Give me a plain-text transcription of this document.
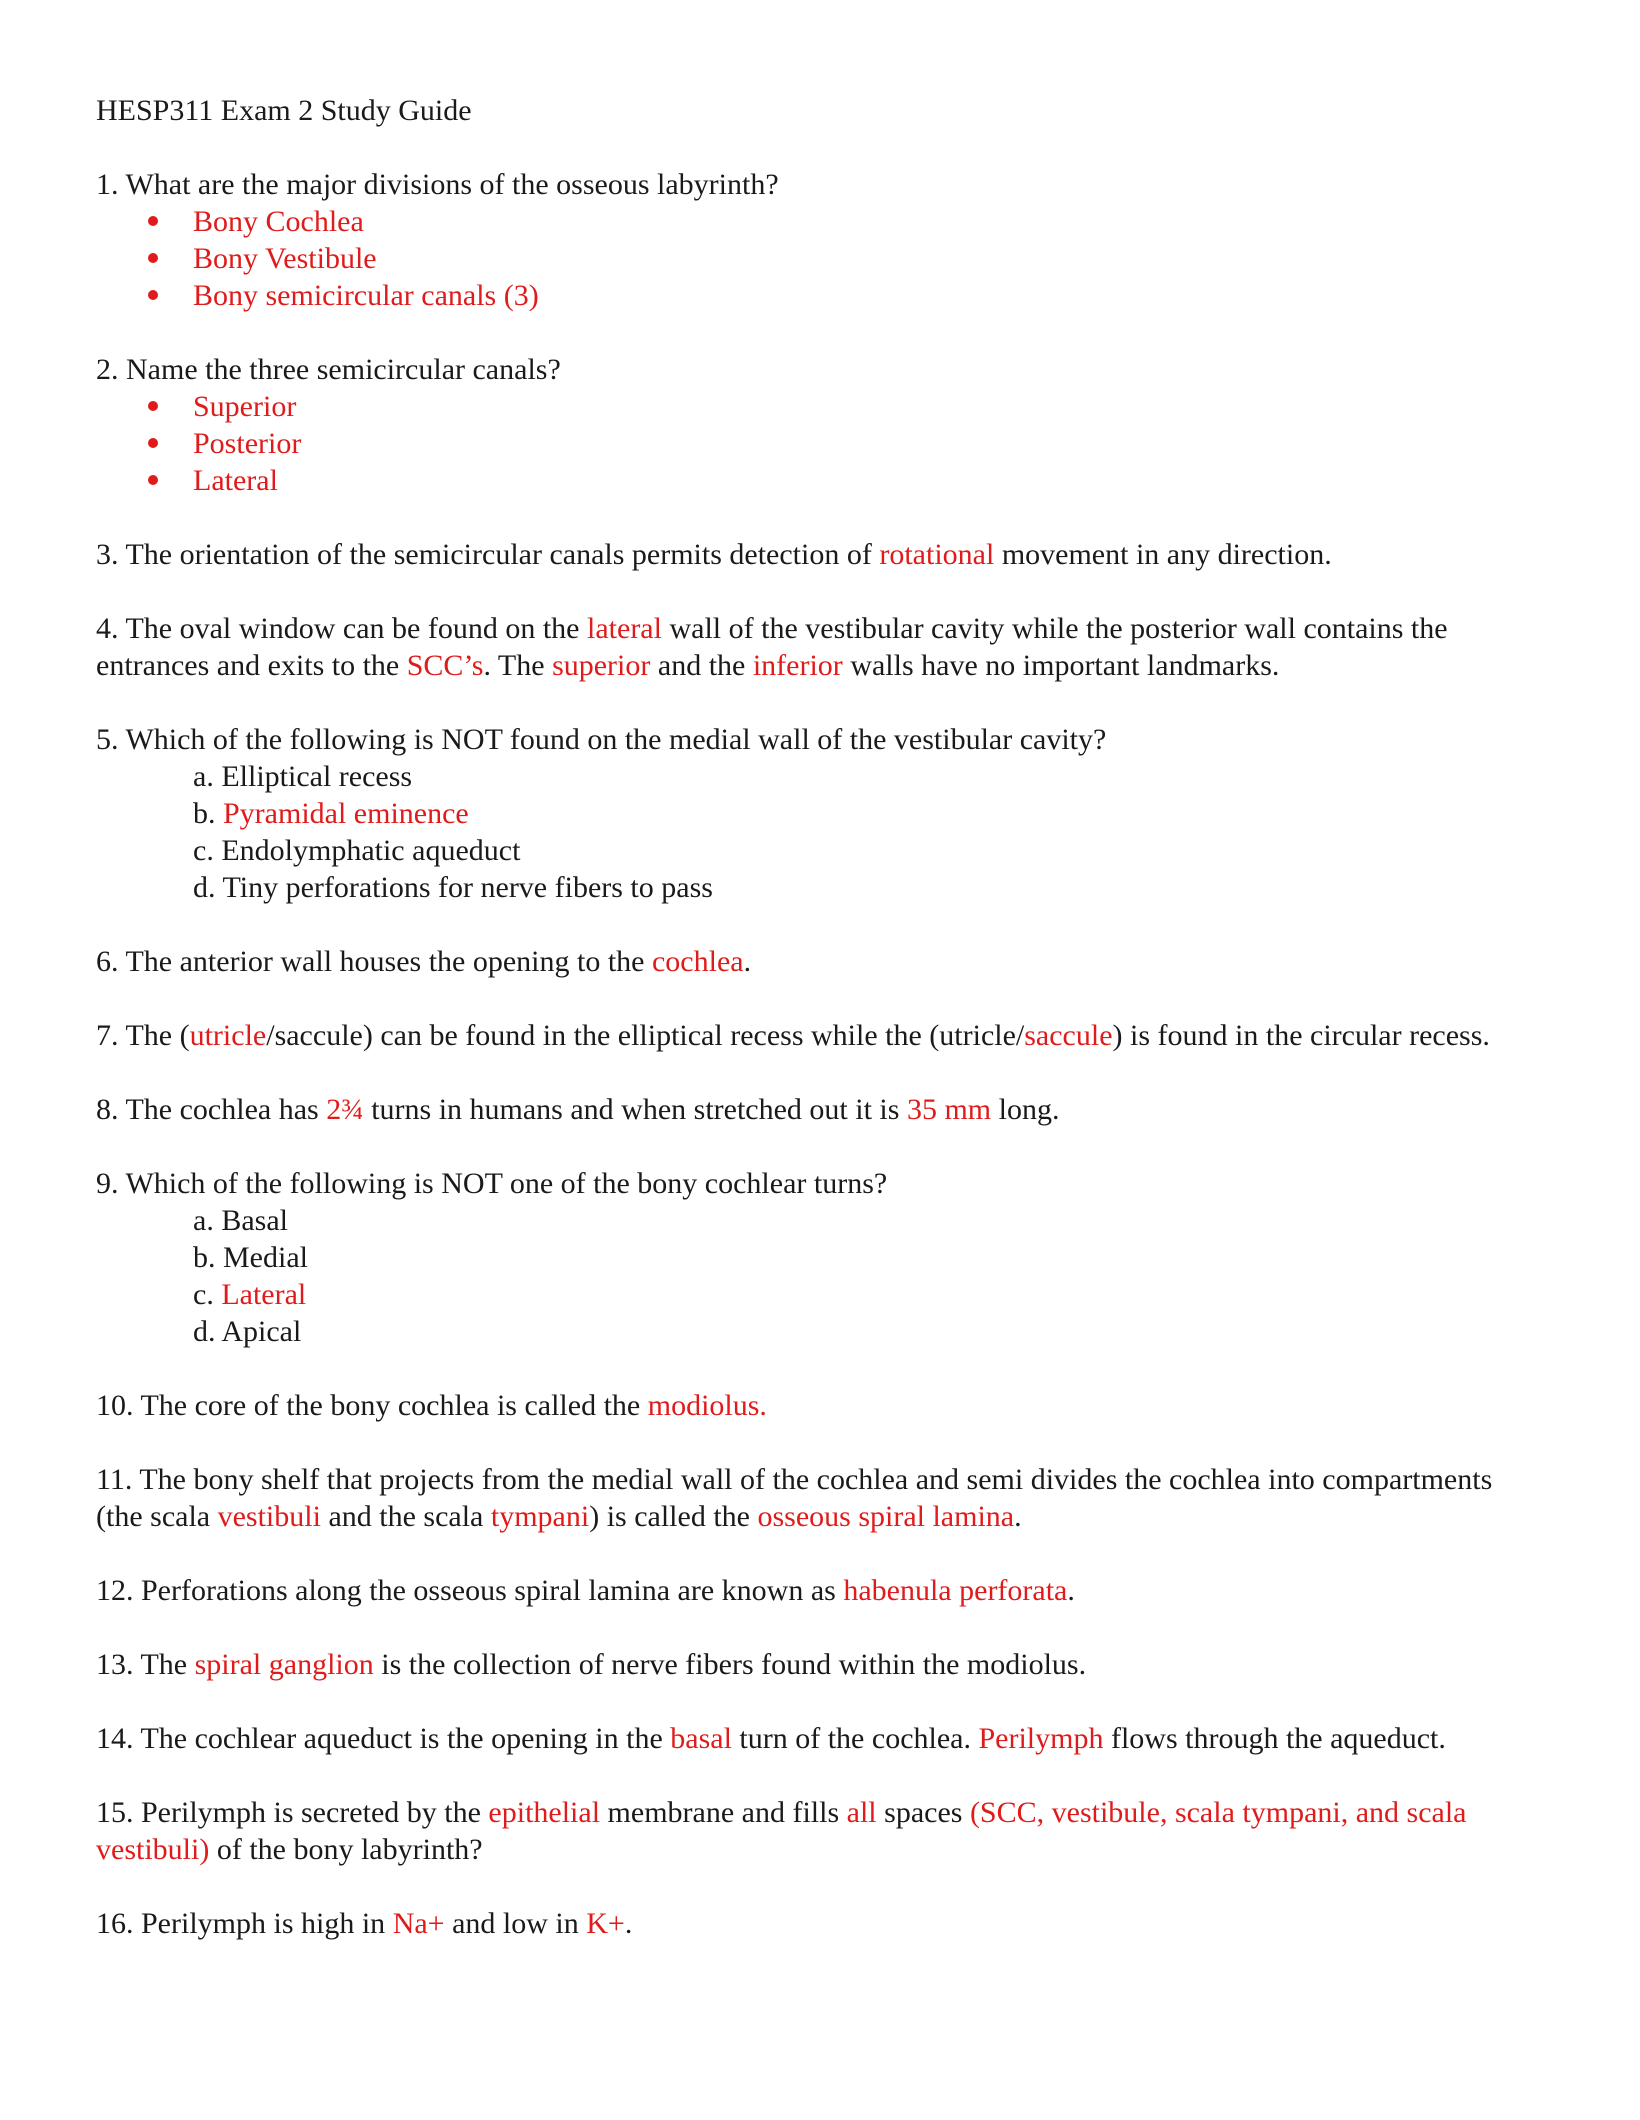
HESP311 Exam 2 Study Guide

1. What are the major divisions of the osseous labyrinth?

Bony Cochlea
Bony Vestibule
Bony semicircular canals (3)

2. Name the three semicircular canals?

Superior
Posterior
Lateral

3. The orientation of the semicircular canals permits detection of rotational movement in any direction.

4. The oval window can be found on the lateral wall of the vestibular cavity while the posterior wall contains the entrances and exits to the SCC’s. The superior and the inferior walls have no important landmarks.

5. Which of the following is NOT found on the medial wall of the vestibular cavity?

a. Elliptical recess
b. Pyramidal eminence
c. Endolymphatic aqueduct
d. Tiny perforations for nerve fibers to pass

6. The anterior wall houses the opening to the cochlea.

7. The (utricle/saccule) can be found in the elliptical recess while the (utricle/saccule) is found in the circular recess.

8. The cochlea has 2¾ turns in humans and when stretched out it is 35 mm long.

9. Which of the following is NOT one of the bony cochlear turns?

a. Basal
b. Medial
c. Lateral
d. Apical

10. The core of the bony cochlea is called the modiolus.

11. The bony shelf that projects from the medial wall of the cochlea and semi divides the cochlea into compartments (the scala vestibuli and the scala tympani) is called the osseous spiral lamina.

12. Perforations along the osseous spiral lamina are known as habenula perforata.

13. The spiral ganglion is the collection of nerve fibers found within the modiolus.

14. The cochlear aqueduct is the opening in the basal turn of the cochlea. Perilymph flows through the aqueduct.

15. Perilymph is secreted by the epithelial membrane and fills all spaces (SCC, vestibule, scala tympani, and scala vestibuli) of the bony labyrinth?

16. Perilymph is high in Na+ and low in K+.
